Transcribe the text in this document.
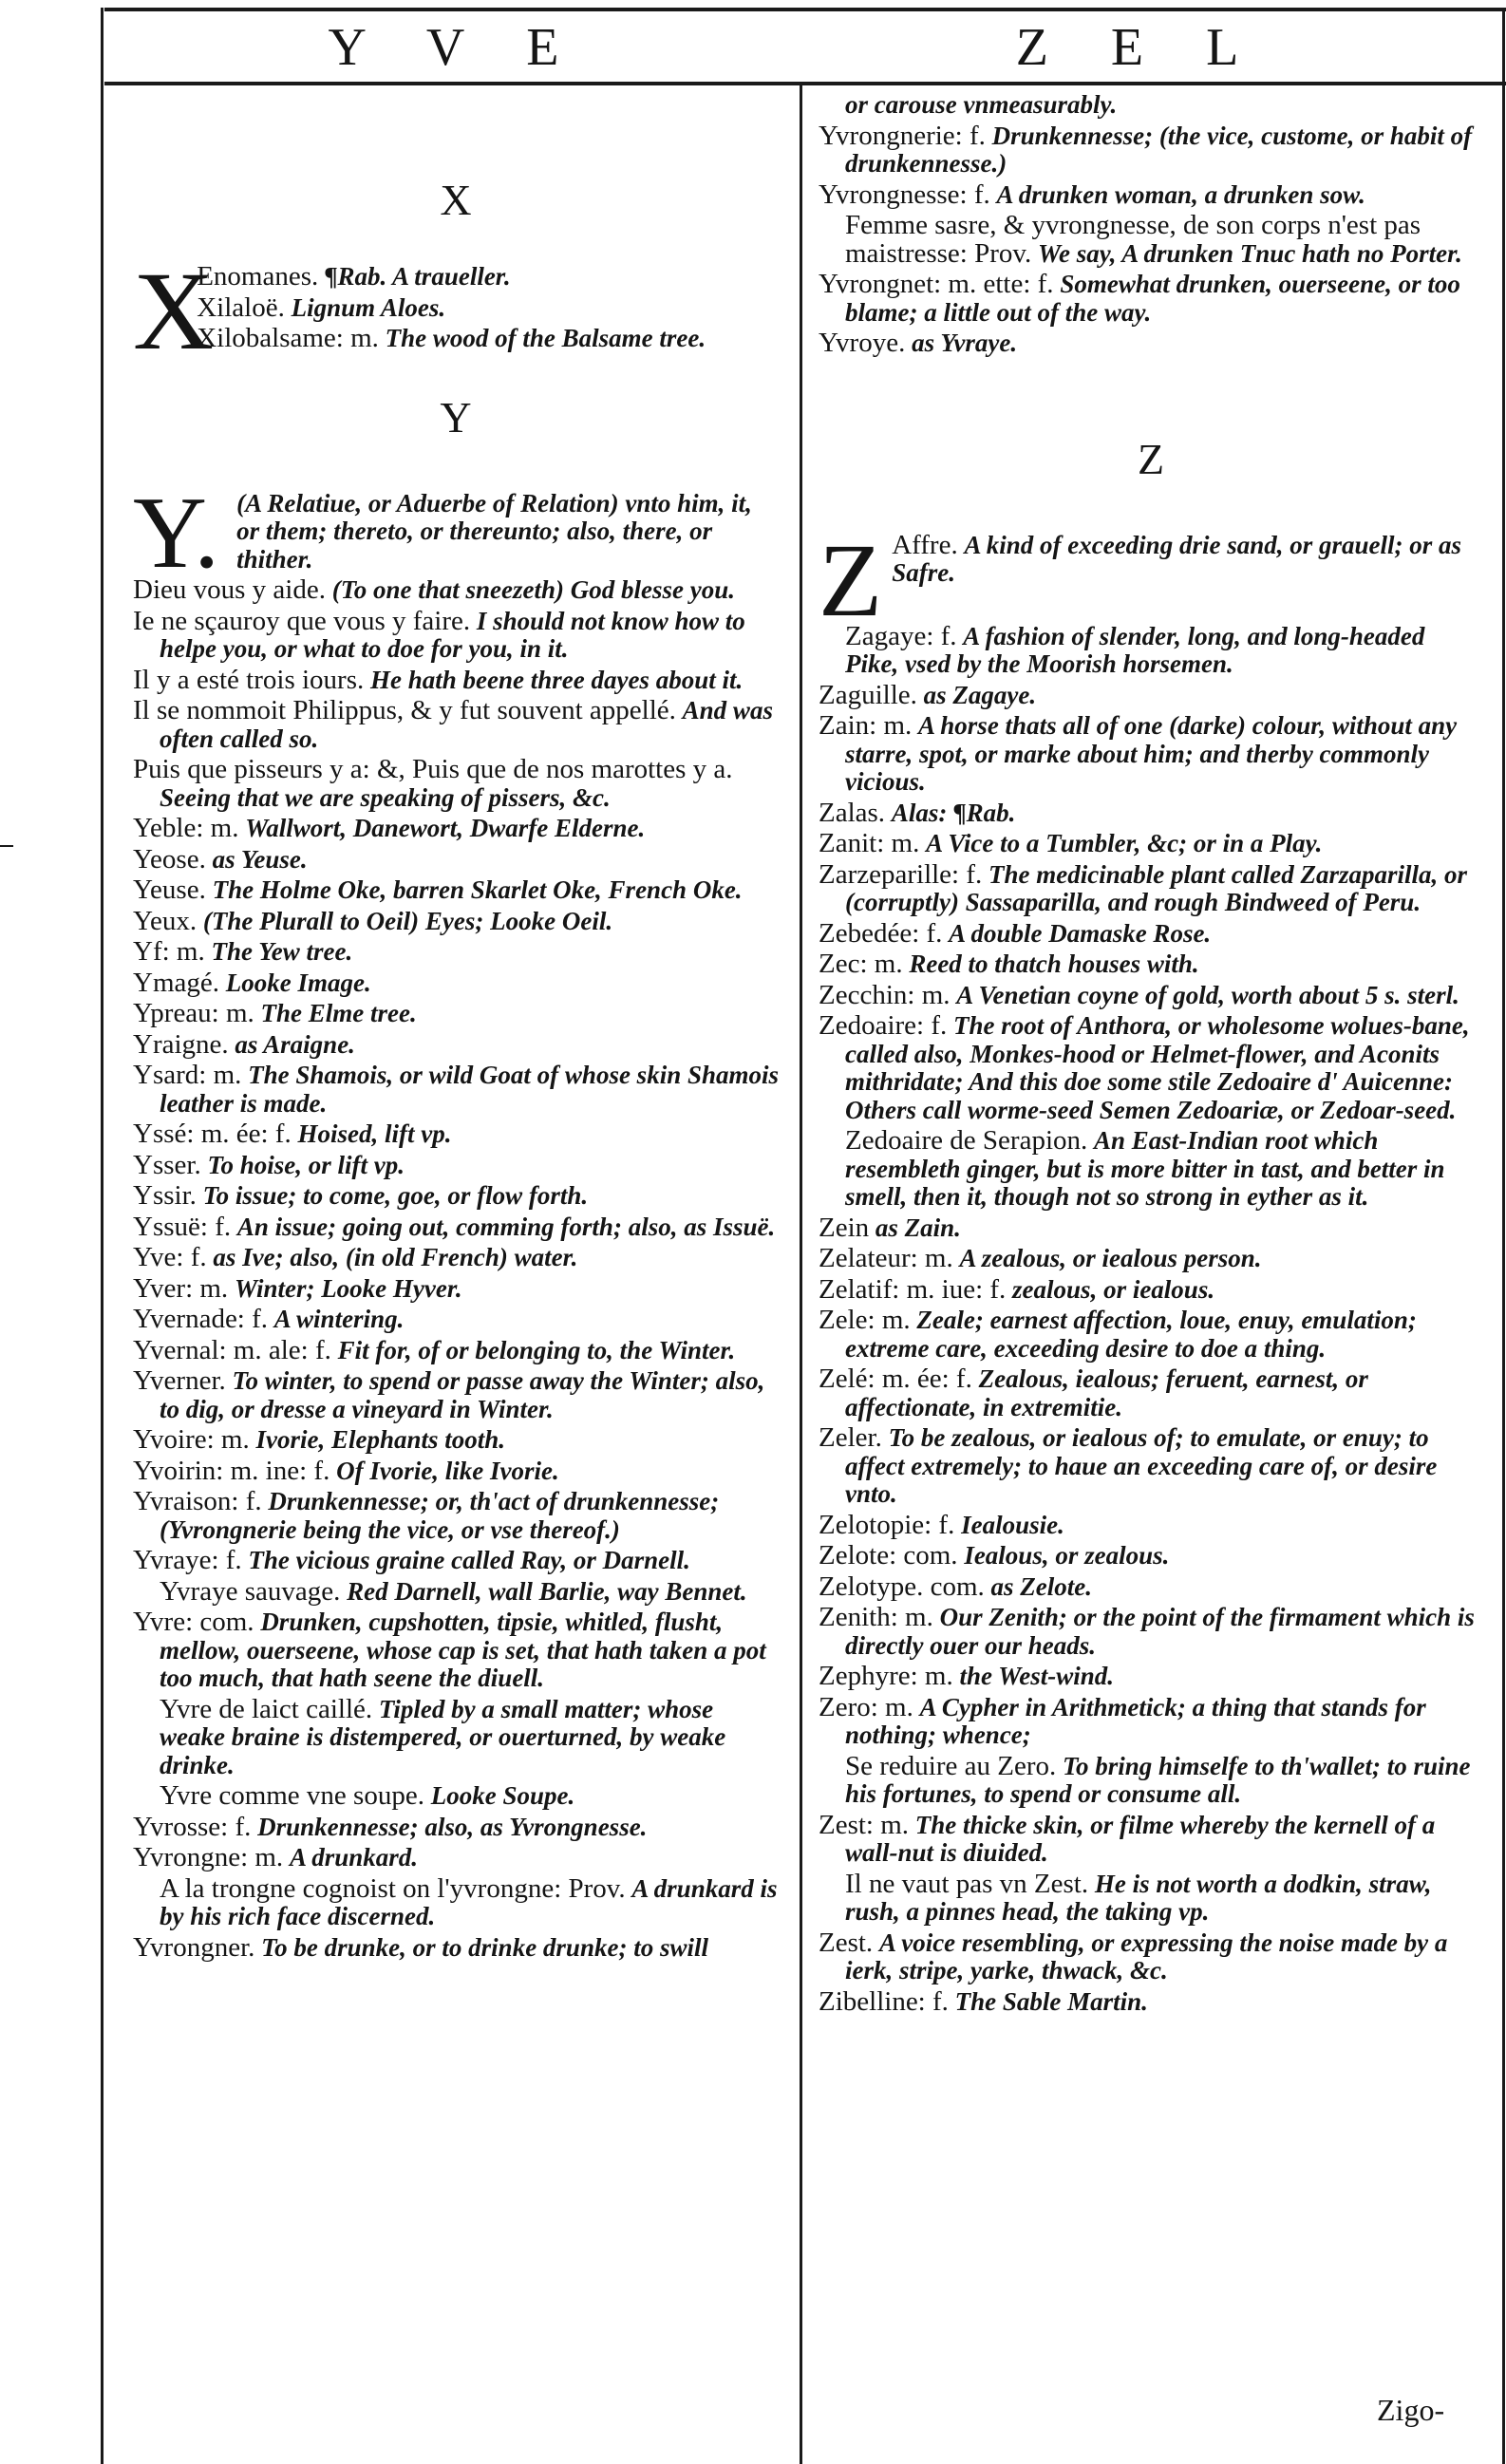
Y V E	Z E L

X

X

Enomanes. ¶Rab. A traueller.

Xilaloë. Lignum Aloes.

Xilobalsame: m. The wood of the Balsame tree.

Y

Y. (A Relatiue, or Aduerbe of Relation) vnto him, it, or them; thereto, or thereunto; also, there, or thither.

Dieu vous y aide. (To one that sneezeth) God blesse you.

Ie ne sçauroy que vous y faire. I should not know how to helpe you, or what to doe for you, in it.

Il y a esté trois iours. He hath beene three dayes about it.

Il se nommoit Philippus, & y fut souvent appellé. And was often called so.

Puis que pisseurs y a: &, Puis que de nos marottes y a. Seeing that we are speaking of pissers, &c.

Yeble: m. Wallwort, Danewort, Dwarfe Elderne.

Yeose. as Yeuse.

Yeuse. The Holme Oke, barren Skarlet Oke, French Oke.

Yeux. (The Plurall to Oeil) Eyes; Looke Oeil.

Yf: m. The Yew tree.

Ymagé. Looke Image.

Ypreau: m. The Elme tree.

Yraigne. as Araigne.

Ysard: m. The Shamois, or wild Goat of whose skin Shamois leather is made.

Yssé: m. ée: f. Hoised, lift vp.

Ysser. To hoise, or lift vp.

Yssir. To issue; to come, goe, or flow forth.

Yssuë: f. An issue; going out, comming forth; also, as Issuë.

Yve: f. as Ive; also, (in old French) water.

Yver: m. Winter; Looke Hyver.

Yvernade: f. A wintering.

Yvernal: m. ale: f. Fit for, of or belonging to, the Winter.

Yverner. To winter, to spend or passe away the Winter; also, to dig, or dresse a vineyard in Winter.

Yvoire: m. Ivorie, Elephants tooth.

Yvoirin: m. ine: f. Of Ivorie, like Ivorie.

Yvraison: f. Drunkennesse; or, th'act of drunkennesse; (Yvrongnerie being the vice, or vse thereof.)

Yvraye: f. The vicious graine called Ray, or Darnell.

Yvraye sauvage. Red Darnell, wall Barlie, way Bennet.

Yvre: com. Drunken, cupshotten, tipsie, whitled, flusht, mellow, ouerseene, whose cap is set, that hath taken a pot too much, that hath seene the diuell.

Yvre de laict caillé. Tipled by a small matter; whose weake braine is distempered, or ouerturned, by weake drinke.

Yvre comme vne soupe. Looke Soupe.

Yvrosse: f. Drunkennesse; also, as Yvrongnesse.

Yvrongne: m. A drunkard.

A la trongne cognoist on l'yvrongne: Prov. A drunkard is by his rich face discerned.

Yvrongner. To be drunke, or to drinke drunke; to swill

or carouse vnmeasurably.

Yvrongnerie: f. Drunkennesse; (the vice, custome, or habit of drunkennesse.)

Yvrongnesse: f. A drunken woman, a drunken sow.

Femme sasre, & yvrongnesse, de son corps n'est pas maistresse: Prov. We say, A drunken Tnuc hath no Porter.

Yvrongnet: m. ette: f. Somewhat drunken, ouerseene, or too blame; a little out of the way.

Yvroye. as Yvraye.

Z

Z Affre. A kind of exceeding drie sand, or grauell; or as Safre.

Zagaye: f. A fashion of slender, long, and long-headed Pike, vsed by the Moorish horsemen.

Zaguille. as Zagaye.

Zain: m. A horse thats all of one (darke) colour, without any starre, spot, or marke about him; and therby commonly vicious.

Zalas. Alas: ¶Rab.

Zanit: m. A Vice to a Tumbler, &c; or in a Play.

Zarzeparille: f. The medicinable plant called Zarzaparilla, or (corruptly) Sassaparilla, and rough Bindweed of Peru.

Zebedée: f. A double Damaske Rose.

Zec: m. Reed to thatch houses with.

Zecchin: m. A Venetian coyne of gold, worth about 5 s. sterl.

Zedoaire: f. The root of Anthora, or wholesome wolues-bane, called also, Monkes-hood or Helmet-flower, and Aconits mithridate; And this doe some stile Zedoaire d' Auicenne: Others call worme-seed Semen Zedoariæ, or Zedoar-seed.

Zedoaire de Serapion. An East-Indian root which resembleth ginger, but is more bitter in tast, and better in smell, then it, though not so strong in eyther as it.

Zein as Zain.

Zelateur: m. A zealous, or iealous person.

Zelatif: m. iue: f. zealous, or iealous.

Zele: m. Zeale; earnest affection, loue, enuy, emulation; extreme care, exceeding desire to doe a thing.

Zelé: m. ée: f. Zealous, iealous; feruent, earnest, or affectionate, in extremitie.

Zeler. To be zealous, or iealous of; to emulate, or enuy; to affect extremely; to haue an exceeding care of, or desire vnto.

Zelotopie: f. Iealousie.

Zelote: com. Iealous, or zealous.

Zelotype. com. as Zelote.

Zenith: m. Our Zenith; or the point of the firmament which is directly ouer our heads.

Zephyre: m. the West-wind.

Zero: m. A Cypher in Arithmetick; a thing that stands for nothing; whence;

Se reduire au Zero. To bring himselfe to th'wallet; to ruine his fortunes, to spend or consume all.

Zest: m. The thicke skin, or filme whereby the kernell of a wall-nut is diuided.

Il ne vaut pas vn Zest. He is not worth a dodkin, straw, rush, a pinnes head, the taking vp.

Zest. A voice resembling, or expressing the noise made by a ierk, stripe, yarke, thwack, &c.

Zibelline: f. The Sable Martin.

Zigo-
